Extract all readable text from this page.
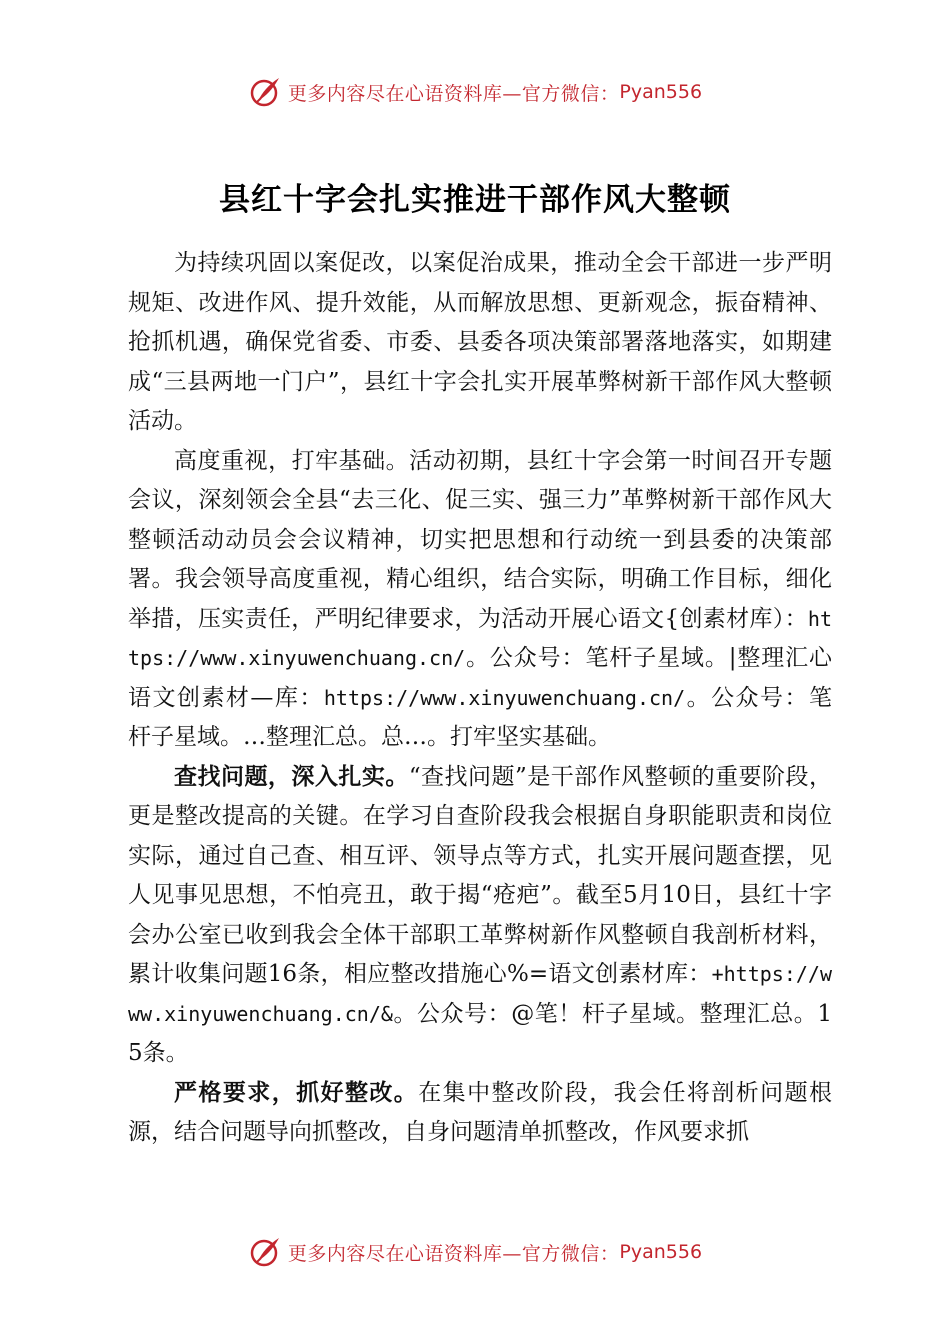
更多内容尽在心语资料库—官方微信： Pyan556
县红十字会扎实推进干部作风大整顿

为持续巩固以案促改，以案促治成果，推动全会干部进一步严明规矩、改进作风、提升效能，从而解放思想、更新观念，振奋精神、抢抓机遇，确保党省委、市委、县委各项决策部署落地落实，如期建成“三县两地一门户”，县红十字会扎实开展革弊树新干部作风大整顿活动。

高度重视，打牢基础。活动初期，县红十字会第一时间召开专题会议，深刻领会全县“去三化、促三实、强三力”革弊树新干部作风大整顿活动动员会会议精神，切实把思想和行动统一到县委的决策部署。我会领导高度重视，精心组织，结合实际，明确工作目标，细化举措，压实责任，严明纪律要求，为活动开展心语文{创素材库）：https://www.xinyuwenchuang.cn/。公众号：笔杆子星域。|整理汇心语文创素材—库：https://www.xinyuwenchuang.cn/。公众号：笔杆子星域。…整理汇总。总…。打牢坚实基础。

查找问题，深入扎实。“查找问题”是干部作风整顿的重要阶段，更是整改提高的关键。在学习自查阶段我会根据自身职能职责和岗位实际，通过自己查、相互评、领导点等方式，扎实开展问题查摆，见人见事见思想，不怕亮丑，敢于揭“疮疤”。截至5月10日，县红十字会办公室已收到我会全体干部职工革弊树新作风整顿自我剖析材料，累计收集问题16条，相应整改措施心%=语文创素材库：+https://www.xinyuwenchuang.cn/&。公众号：@笔！杆子星域。整理汇总。15条。

严格要求，抓好整改。在集中整改阶段，我会任将剖析问题根源，结合问题导向抓整改，自身问题清单抓整改，作风要求抓

更多内容尽在心语资料库—官方微信： Pyan556
